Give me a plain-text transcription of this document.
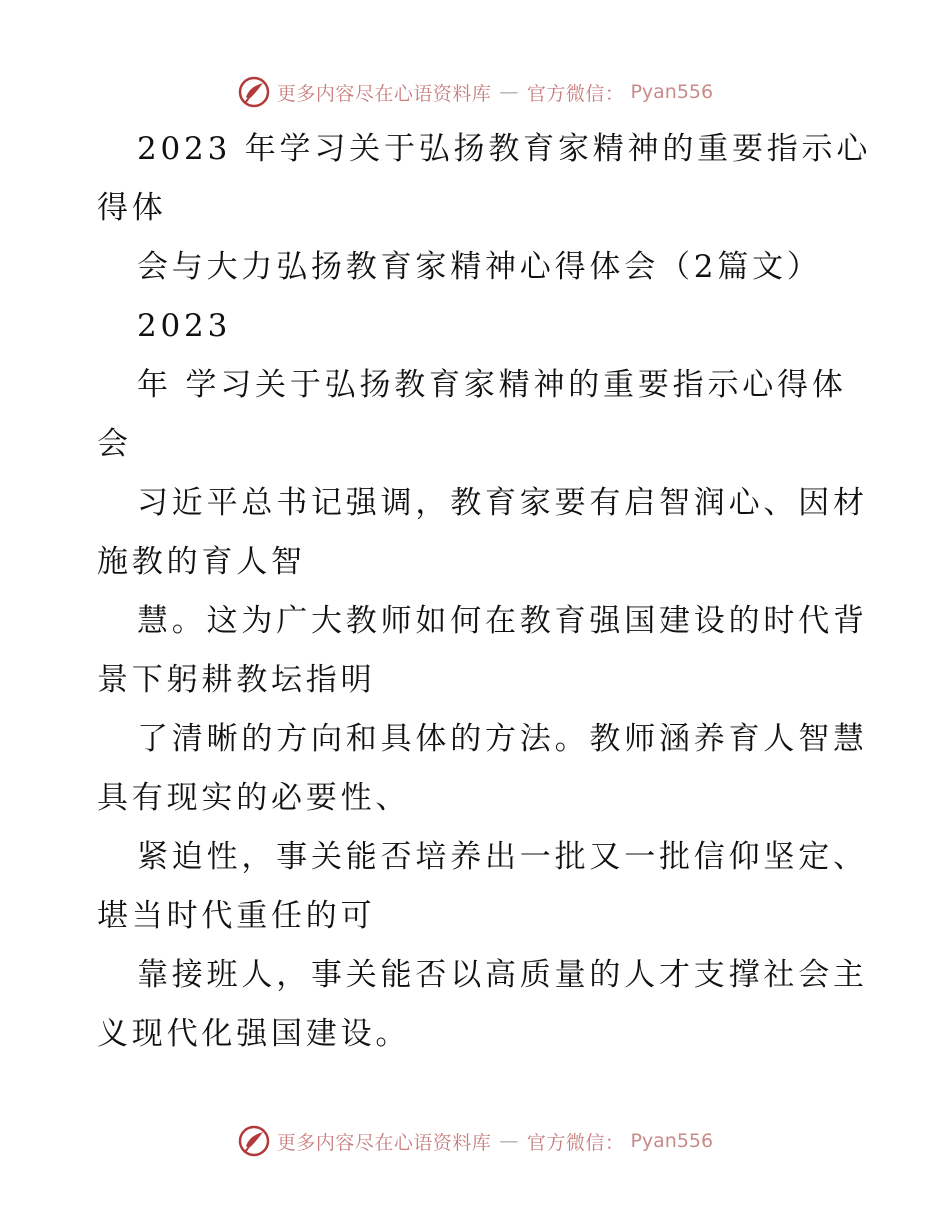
更多内容尽在心语资料库 — 官方微信： Pyan556

2023 年学习关于弘扬教育家精神的重要指示心
得体
会与大力弘扬教育家精神心得体会（2篇文）
2023
年 学习关于弘扬教育家精神的重要指示心得体
会
习近平总书记强调，教育家要有启智润心、因材
施教的育人智
慧。这为广大教师如何在教育强国建设的时代背
景下躬耕教坛指明
了清晰的方向和具体的方法。教师涵养育人智慧
具有现实的必要性、
紧迫性，事关能否培养出一批又一批信仰坚定、
堪当时代重任的可
靠接班人，事关能否以高质量的人才支撑社会主
义现代化强国建设。

更多内容尽在心语资料库 — 官方微信： Pyan556
